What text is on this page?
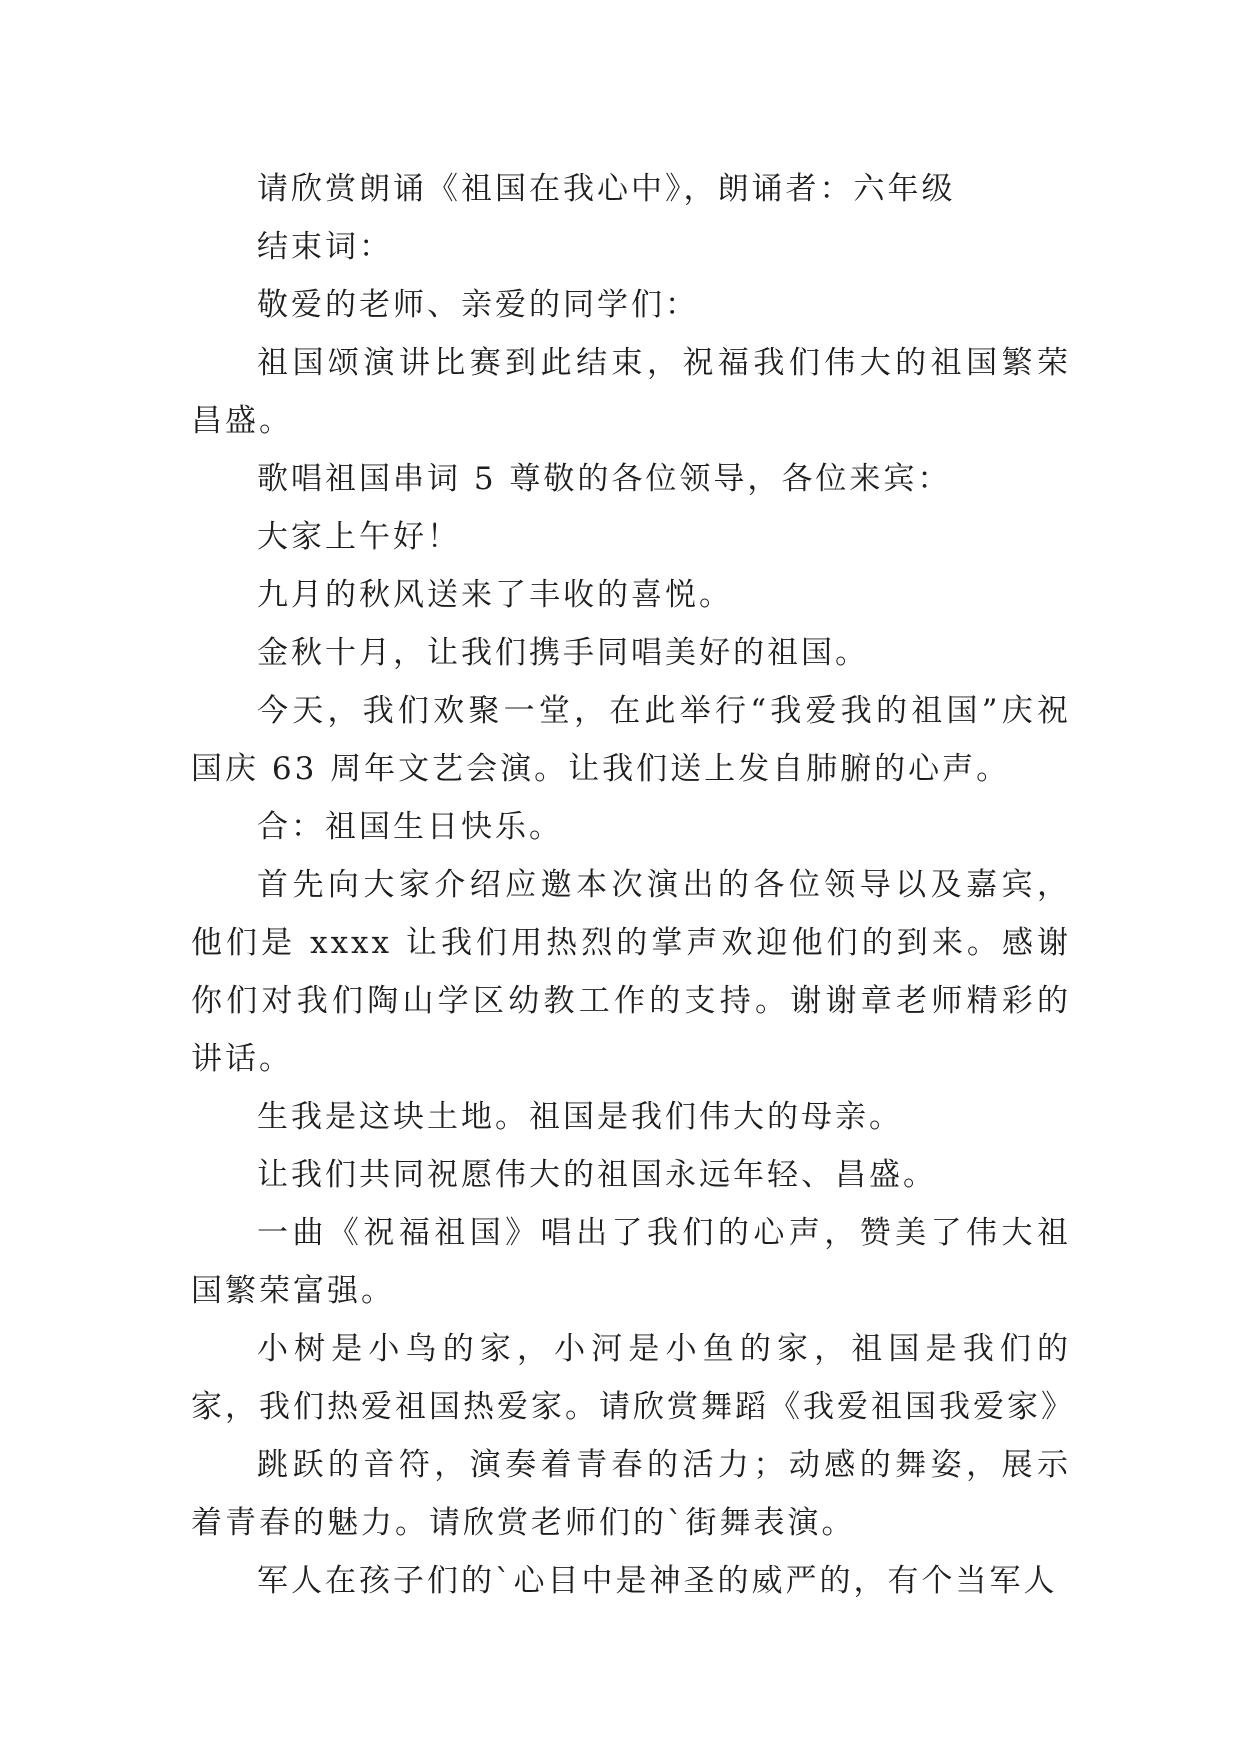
请欣赏朗诵《祖国在我心中》，朗诵者：六年级

结束词：

敬爱的老师、亲爱的同学们：

祖国颂演讲比赛到此结束，祝福我们伟大的祖国繁荣昌盛。

歌唱祖国串词 5 尊敬的各位领导，各位来宾：

大家上午好！

九月的秋风送来了丰收的喜悦。

金秋十月，让我们携手同唱美好的祖国。

今天，我们欢聚一堂，在此举行“我爱我的祖国”庆祝国庆 63 周年文艺会演。让我们送上发自肺腑的心声。

合：祖国生日快乐。

首先向大家介绍应邀本次演出的各位领导以及嘉宾，他们是 xxxx 让我们用热烈的掌声欢迎他们的到来。感谢你们对我们陶山学区幼教工作的支持。谢谢章老师精彩的讲话。

生我是这块土地。祖国是我们伟大的母亲。

让我们共同祝愿伟大的祖国永远年轻、昌盛。

一曲《祝福祖国》唱出了我们的心声，赞美了伟大祖国繁荣富强。

小树是小鸟的家，小河是小鱼的家，祖国是我们的家，我们热爱祖国热爱家。请欣赏舞蹈《我爱祖国我爱家》

跳跃的音符，演奏着青春的活力；动感的舞姿，展示着青春的魅力。请欣赏老师们的`街舞表演。

军人在孩子们的`心目中是神圣的威严的，有个当军人
